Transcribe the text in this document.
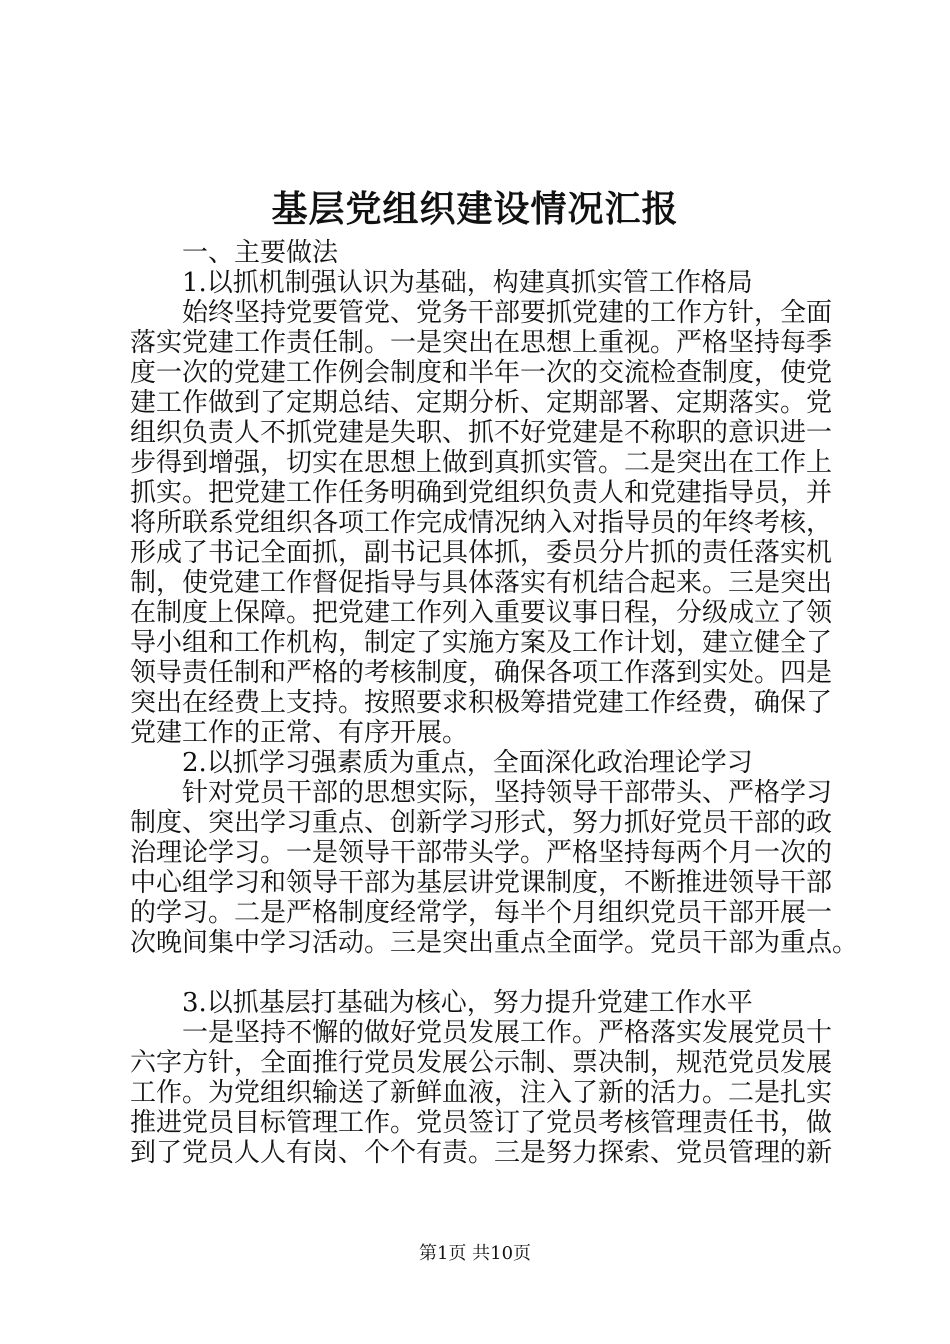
基层党组织建设情况汇报
一、主要做法
1.以抓机制强认识为基础，构建真抓实管工作格局
始终坚持党要管党、党务干部要抓党建的工作方针，全面
落实党建工作责任制。一是突出在思想上重视。严格坚持每季
度一次的党建工作例会制度和半年一次的交流检查制度，使党
建工作做到了定期总结、定期分析、定期部署、定期落实。党
组织负责人不抓党建是失职、抓不好党建是不称职的意识进一
步得到增强，切实在思想上做到真抓实管。二是突出在工作上
抓实。把党建工作任务明确到党组织负责人和党建指导员，并
将所联系党组织各项工作完成情况纳入对指导员的年终考核，
形成了书记全面抓，副书记具体抓，委员分片抓的责任落实机
制，使党建工作督促指导与具体落实有机结合起来。三是突出
在制度上保障。把党建工作列入重要议事日程，分级成立了领
导小组和工作机构，制定了实施方案及工作计划，建立健全了
领导责任制和严格的考核制度，确保各项工作落到实处。四是
突出在经费上支持。按照要求积极筹措党建工作经费，确保了
党建工作的正常、有序开展。
2.以抓学习强素质为重点，全面深化政治理论学习
针对党员干部的思想实际，坚持领导干部带头、严格学习
制度、突出学习重点、创新学习形式，努力抓好党员干部的政
治理论学习。一是领导干部带头学。严格坚持每两个月一次的
中心组学习和领导干部为基层讲党课制度，不断推进领导干部
的学习。二是严格制度经常学，每半个月组织党员干部开展一
次晚间集中学习活动。三是突出重点全面学。党员干部为重点。
3.以抓基层打基础为核心，努力提升党建工作水平
一是坚持不懈的做好党员发展工作。严格落实发展党员十
六字方针，全面推行党员发展公示制、票决制，规范党员发展
工作。为党组织输送了新鲜血液，注入了新的活力。二是扎实
推进党员目标管理工作。党员签订了党员考核管理责任书，做
到了党员人人有岗、个个有责。三是努力探索、党员管理的新
第1页 共10页
